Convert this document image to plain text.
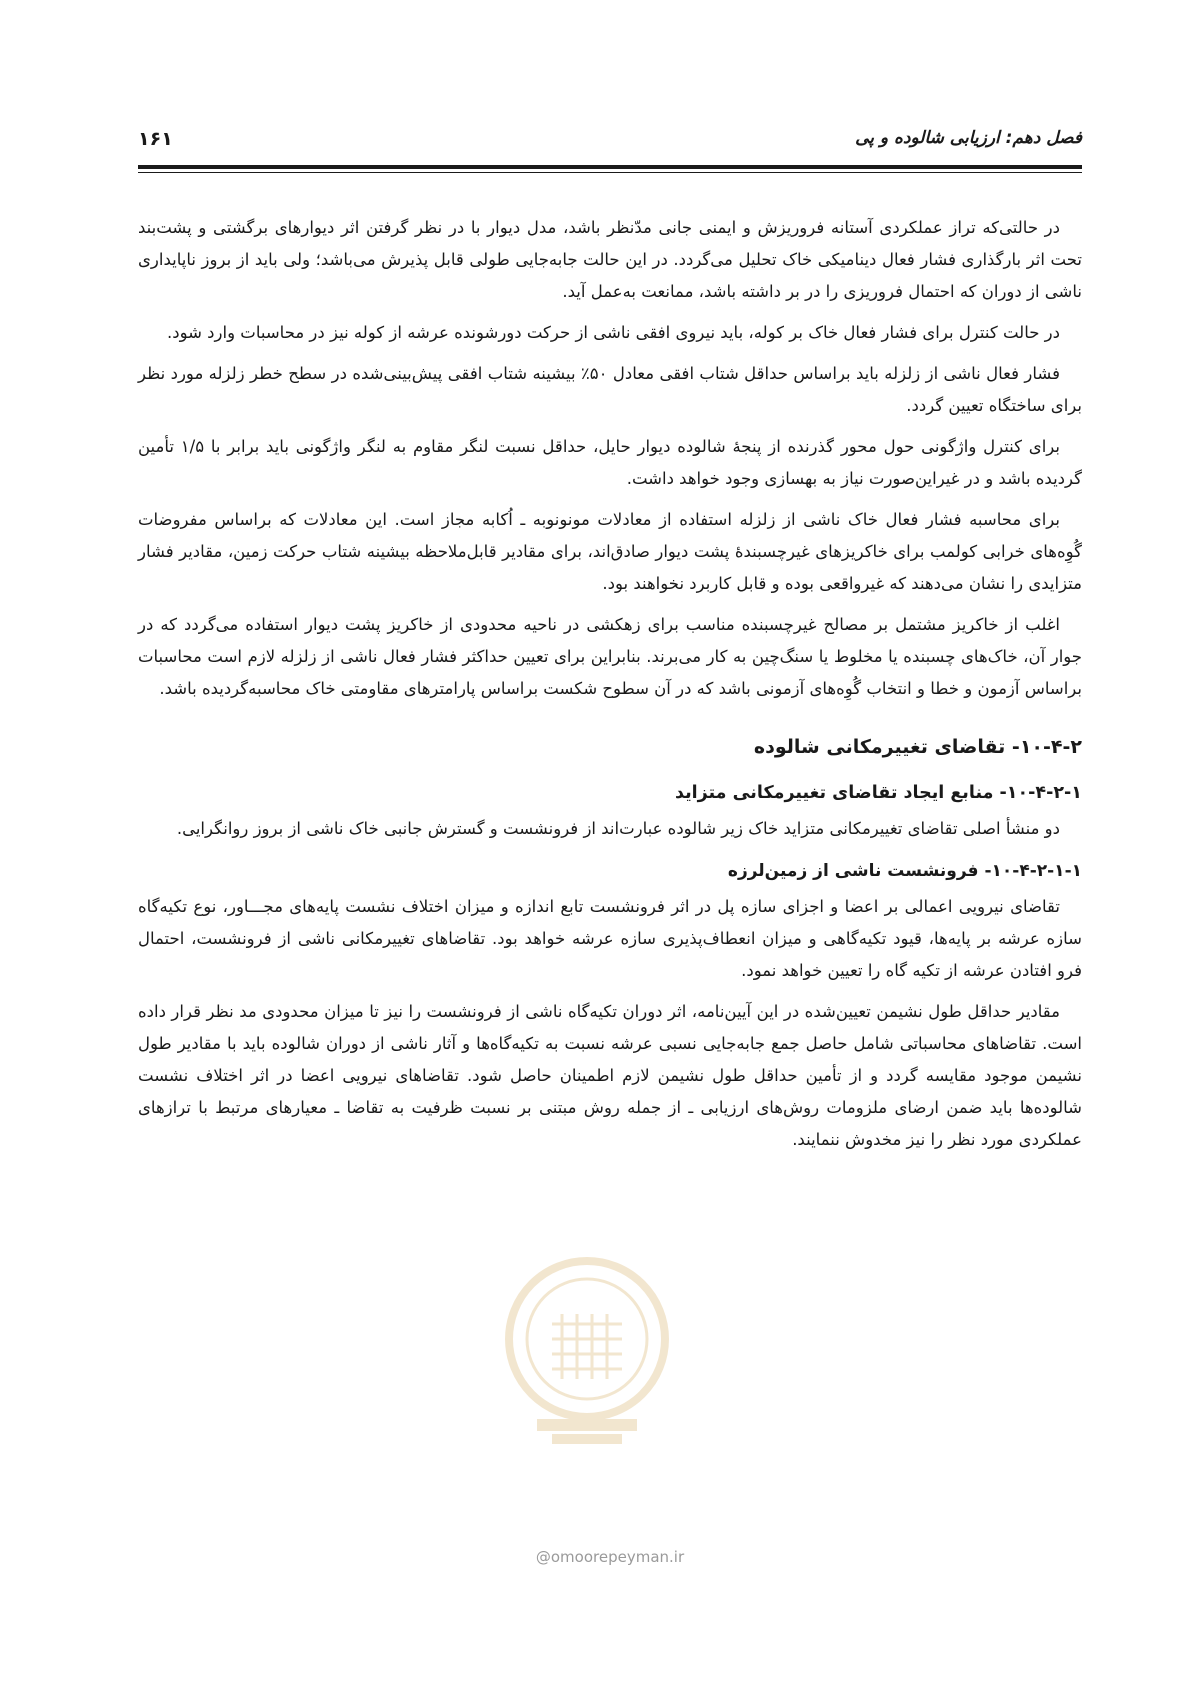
فصل دهم: ارزیابی شالوده و پی
۱۶۱

در حالتی‌که تراز عملکردی آستانه فروریزش و ایمنی جانی مدّنظر باشد، مدل دیوار با در نظر گرفتن اثر دیوارهای برگشتی و پشت‌بند تحت اثر بارگذاری فشار فعال دینامیکی خاک تحلیل می‌گردد. در این حالت جابه‌جایی طولی قابل پذیرش می‌باشد؛ ولی باید از بروز ناپایداری ناشی از دوران که احتمال فروریزی را در بر داشته باشد، ممانعت به‌عمل آید.

در حالت کنترل برای فشار فعال خاک بر کوله، باید نیروی افقی ناشی از حرکت دورشونده عرشه از کوله نیز در محاسبات وارد شود.

فشار فعال ناشی از زلزله باید براساس حداقل شتاب افقی معادل ۵۰٪ بیشینه شتاب افقی پیش‌بینی‌شده در سطح خطر زلزله مورد نظر برای ساختگاه تعیین گردد.

برای کنترل واژگونی حول محور گذرنده از پنجهٔ شالوده دیوار حایل، حداقل نسبت لنگر مقاوم به لنگر واژگونی باید برابر با ۱/۵ تأمین گردیده باشد و در غیراین‌صورت نیاز به بهسازی وجود خواهد داشت.

برای محاسبه فشار فعال خاک ناشی از زلزله استفاده از معادلات مونونوبه ـ اُکابه مجاز است. این معادلات که براساس مفروضات گُوِه‌های خرابی کولمب برای خاکریزهای غیرچسبندهٔ پشت دیوار صادق‌اند، برای مقادیر قابل‌ملاحظه بیشینه شتاب حرکت زمین، مقادیر فشار متزایدی را نشان می‌دهند که غیرواقعی بوده و قابل کاربرد نخواهند بود.

اغلب از خاکریز مشتمل بر مصالح غیرچسبنده مناسب برای زهکشی در ناحیه محدودی از خاکریز پشت دیوار استفاده می‌گردد که در جوار آن، خاک‌های چسبنده یا مخلوط یا سنگ‌چین به کار می‌برند. بنابراین برای تعیین حداکثر فشار فعال ناشی از زلزله لازم است محاسبات براساس آزمون و خطا و انتخاب گُوِه‌های آزمونی باشد که در آن سطوح شکست براساس پارامترهای مقاومتی خاک محاسبه‌گردیده باشد.

۱۰-۴-۲- تقاضای تغییرمکانی شالوده
۱۰-۴-۲-۱- منابع ایجاد تقاضای تغییرمکانی متزاید

دو منشأ اصلی تقاضای تغییرمکانی متزاید خاک زیر شالوده عبارت‌اند از فرونشست و گسترش جانبی خاک ناشی از بروز روانگرایی.

۱۰-۴-۲-۱-۱- فرونشست ناشی از زمین‌لرزه

تقاضای نیرویی اعمالی بر اعضا و اجزای سازه پل در اثر فرونشست تابع اندازه و میزان اختلاف نشست پایه‌های مجـــاور، نوع تکیه‌گاه سازه عرشه بر پایه‌ها، قیود تکیه‌گاهی و میزان انعطاف‌پذیری سازه عرشه خواهد بود. تقاضاهای تغییرمکانی ناشی از فرونشست، احتمال فرو افتادن عرشه از تکیه گاه را تعیین خواهد نمود.

مقادیر حداقل طول نشیمن تعیین‌شده در این آیین‌نامه، اثر دوران تکیه‌گاه ناشی از فرونشست را نیز تا میزان محدودی مد نظر قرار داده است. تقاضاهای محاسباتی شامل حاصل جمع جابه‌جایی نسبی عرشه نسبت به تکیه‌گاه‌ها و آثار ناشی از دوران شالوده باید با مقادیر طول نشیمن موجود مقایسه گردد و از تأمین حداقل طول نشیمن لازم اطمینان حاصل شود. تقاضاهای نیرویی اعضا در اثر اختلاف نشست شالوده‌ها باید ضمن ارضای ملزومات روش‌های ارزیابی ـ از جمله روش مبتنی بر نسبت ظرفیت به تقاضا ـ معیارهای مرتبط با ترازهای عملکردی مورد نظر را نیز مخدوش ننمایند.

@omoorepeyman.ir
